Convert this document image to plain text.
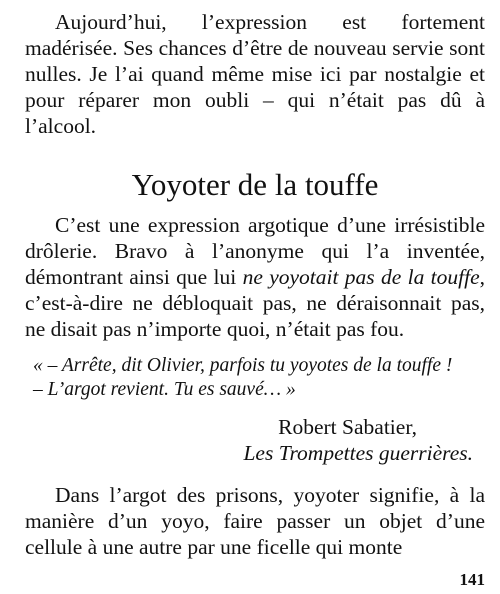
Aujourd’hui, l’expression est fortement madérisée. Ses chances d’être de nouveau servie sont nulles. Je l’ai quand même mise ici par nostalgie et pour réparer mon oubli – qui n’était pas dû à l’alcool.

Yoyoter de la touffe

C’est une expression argotique d’une irrésistible drôlerie. Bravo à l’anonyme qui l’a inventée, démontrant ainsi que lui ne yoyotait pas de la touffe, c’est-à-dire ne débloquait pas, ne déraisonnait pas, ne disait pas n’importe quoi, n’était pas fou.

« – Arrête, dit Olivier, parfois tu yoyotes de la touffe !

– L’argot revient. Tu es sauvé… »

Robert Sabatier,

Les Trompettes guerrières.

Dans l’argot des prisons, yoyoter signifie, à la manière d’un yoyo, faire passer un objet d’une cellule à une autre par une ficelle qui monte

141
